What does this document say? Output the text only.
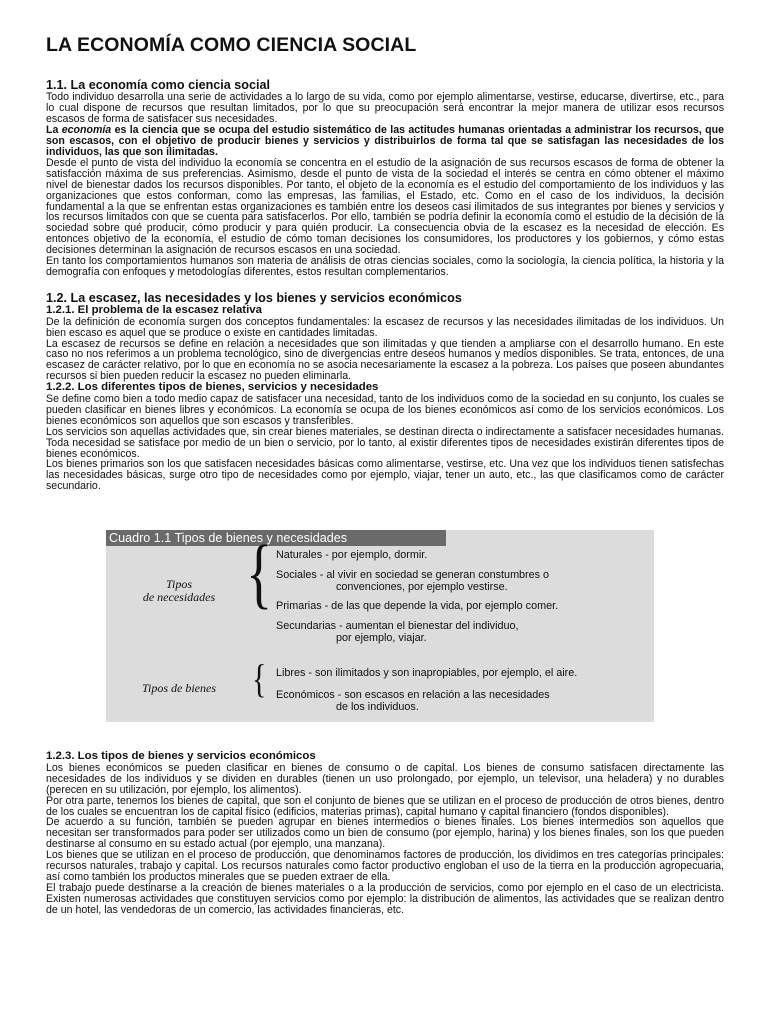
LA ECONOMÍA COMO CIENCIA SOCIAL
1.1. La economía como ciencia social

Todo individuo desarrolla una serie de actividades a lo largo de su vida, como por ejemplo alimentarse, vestirse, educarse, divertirse, etc., para lo cual dispone de recursos que resultan limitados, por lo que su preocupación será encontrar la mejor manera de utilizar esos recursos escasos de forma de satisfacer sus necesidades.

La economía es la ciencia que se ocupa del estudio sistemático de las actitudes humanas orientadas a administrar los recursos, que son escasos, con el objetivo de producir bienes y servicios y distribuirlos de forma tal que se satisfagan las necesidades de los individuos, las que son ilimitadas.

Desde el punto de vista del individuo la economía se concentra en el estudio de la asignación de sus recursos escasos de forma de obtener la satisfacción máxima de sus preferencias. Asimismo, desde el punto de vista de la sociedad el interés se centra en cómo obtener el máximo nivel de bienestar dados los recursos disponibles. Por tanto, el objeto de la economía es el estudio del comportamiento de los individuos y las organizaciones que estos conforman, como las empresas, las familias, el Estado, etc. Como en el caso de los individuos, la decisión fundamental a la que se enfrentan estas organizaciones es también entre los deseos casi ilimitados de sus integrantes por bienes y servicios y los recursos limitados con que se cuenta para satisfacerlos. Por ello, también se podría definir la economía como el estudio de la decisión de la sociedad sobre qué producir, cómo producir y para quién producir. La consecuencia obvia de la escasez es la necesidad de elección. Es entonces objetivo de la economía, el estudio de cómo toman decisiones los consumidores, los productores y los gobiernos, y cómo estas decisiones determinan la asignación de recursos escasos en una sociedad.

En tanto los comportamientos humanos son materia de análisis de otras ciencias sociales, como la sociología, la ciencia política, la historia y la demografía con enfoques y metodologías diferentes, estos resultan complementarios.

1.2. La escasez, las necesidades y los bienes y servicios económicos
1.2.1. El problema de la escasez relativa

De la definición de economía surgen dos conceptos fundamentales: la escasez de recursos y las necesidades ilimitadas de los individuos. Un bien escaso es aquel que se produce o existe en cantidades limitadas.

La escasez de recursos se define en relación a necesidades que son ilimitadas y que tienden a ampliarse con el desarrollo humano. En este caso no nos referimos a un problema tecnológico, sino de divergencias entre deseos humanos y medios disponibles. Se trata, entonces, de una escasez de carácter relativo, por lo que en economía no se asocia necesariamente la escasez a la pobreza. Los países que poseen abundantes recursos si bien pueden reducir la escasez no pueden eliminarla.

1.2.2. Los diferentes tipos de bienes, servicios y necesidades

Se define como bien a todo medio capaz de satisfacer una necesidad, tanto de los individuos como de la sociedad en su conjunto, los cuales se pueden clasificar en bienes libres y económicos. La economía se ocupa de los bienes económicos así como de los servicios económicos. Los bienes económicos son aquellos que son escasos y transferibles.

Los servicios son aquellas actividades que, sin crear bienes materiales, se destinan directa o indirectamente a satisfacer necesidades humanas. Toda necesidad se satisface por medio de un bien o servicio, por lo tanto, al existir diferentes tipos de necesidades existirán diferentes tipos de bienes económicos.

Los bienes primarios son los que satisfacen necesidades básicas como alimentarse, vestirse, etc. Una vez que los individuos tienen satisfechas las necesidades básicas, surge otro tipo de necesidades como por ejemplo, viajar, tener un auto, etc., las que clasificamos como de carácter secundario.

Cuadro 1.1 Tipos de bienes y necesidades
Tipos
de necesidades { Naturales - por ejemplo, dormir.
Sociales - al vivir en sociedad se generan constumbres o
convenciones, por ejemplo vestirse.
Primarias - de las que depende la vida, por ejemplo comer.
Secundarias - aumentan el bienestar del individuo,
por ejemplo, viajar.
Tipos de bienes { Libres - son ilimitados y son inapropiables, por ejemplo, el aire.
Económicos - son escasos en relación a las necesidades
de los individuos.
1.2.3. Los tipos de bienes y servicios económicos

Los bienes económicos se pueden clasificar en bienes de consumo o de capital. Los bienes de consumo satisfacen directamente las necesidades de los individuos y se dividen en durables (tienen un uso prolongado, por ejemplo, un televisor, una heladera) y no durables (perecen en su utilización, por ejemplo, los alimentos).

Por otra parte, tenemos los bienes de capital, que son el conjunto de bienes que se utilizan en el proceso de producción de otros bienes, dentro de los cuales se encuentran los de capital físico (edificios, materias primas), capital humano y capital financiero (fondos disponibles).

De acuerdo a su función, también se pueden agrupar en bienes intermedios o bienes finales. Los bienes intermedios son aquellos que necesitan ser transformados para poder ser utilizados como un bien de consumo (por ejemplo, harina) y los bienes finales, son los que pueden destinarse al consumo en su estado actual (por ejemplo, una manzana).

Los bienes que se utilizan en el proceso de producción, que denominamos factores de producción, los dividimos en tres categorías principales: recursos naturales, trabajo y capital. Los recursos naturales como factor productivo engloban el uso de la tierra en la producción agropecuaria, así como también los productos minerales que se pueden extraer de ella.

El trabajo puede destinarse a la creación de bienes materiales o a la producción de servicios, como por ejemplo en el caso de un electricista. Existen numerosas actividades que constituyen servicios como por ejemplo: la distribución de alimentos, las actividades que se realizan dentro de un hotel, las vendedoras de un comercio, las actividades financieras, etc.
